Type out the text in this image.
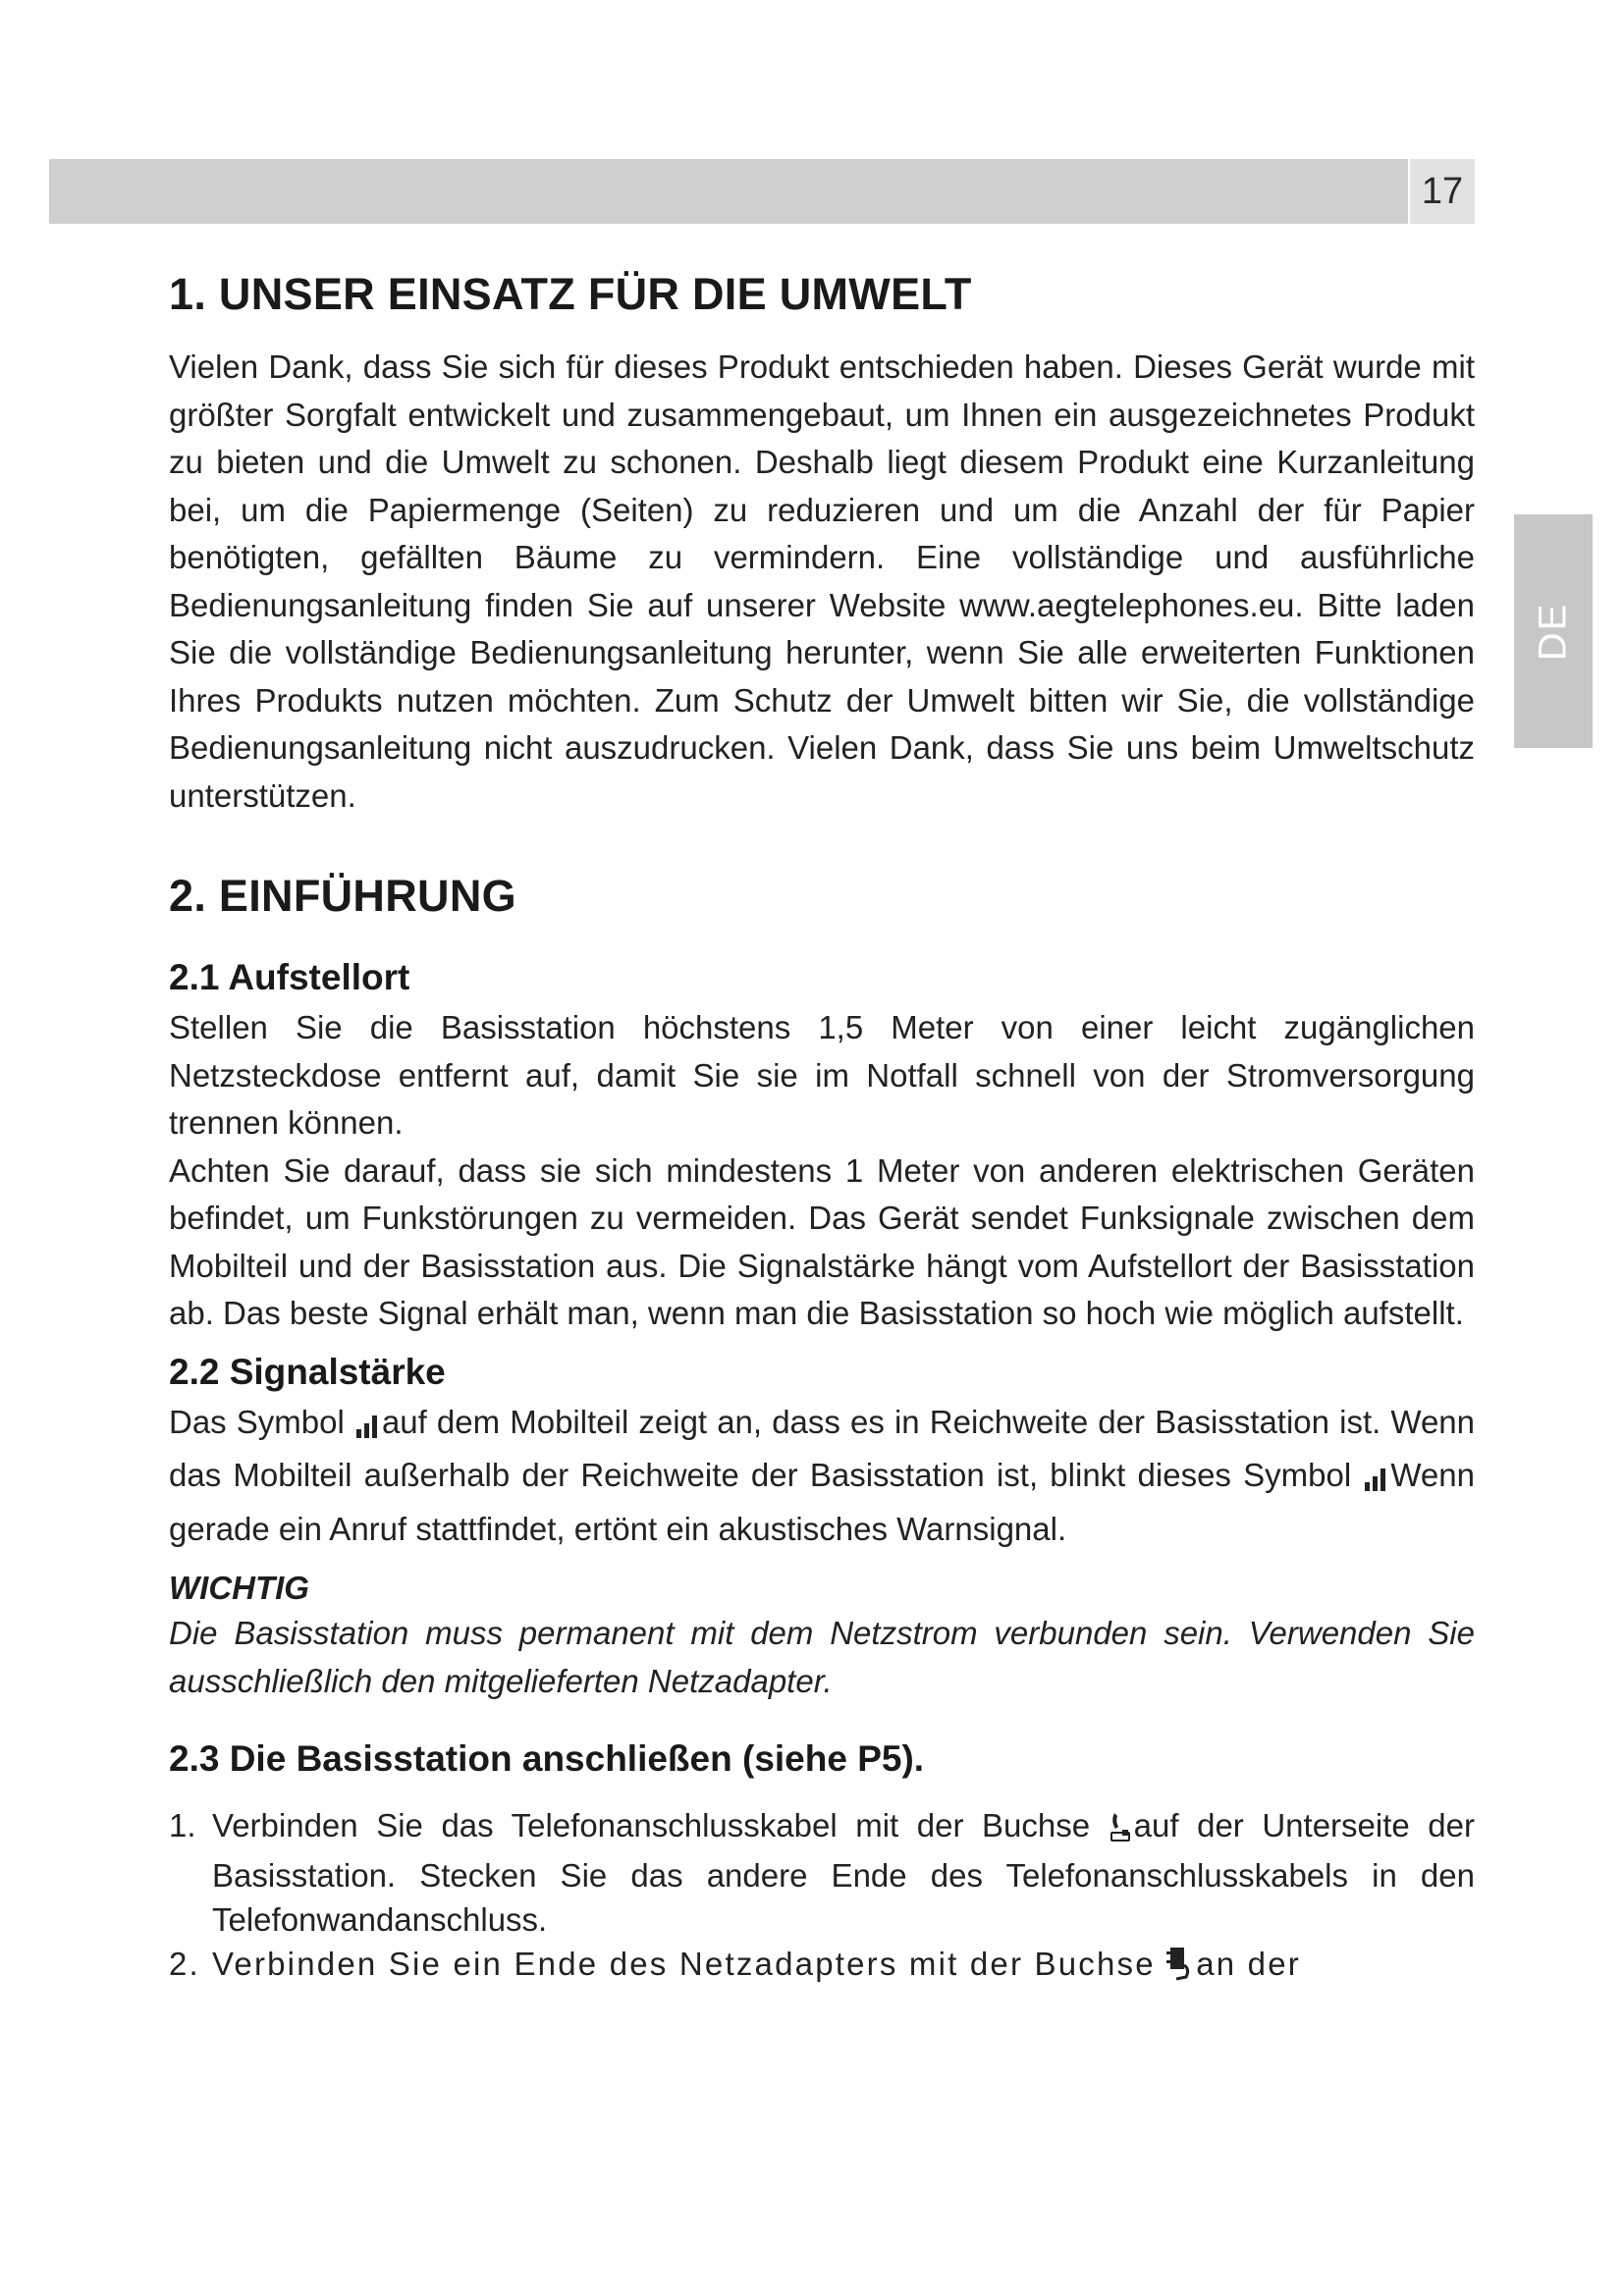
17
DE
1. UNSER EINSATZ FÜR DIE UMWELT

Vielen Dank, dass Sie sich für dieses Produkt entschieden haben. Dieses Gerät wurde mit größter Sorgfalt entwickelt und zusammengebaut, um Ihnen ein ausgezeichnetes Produkt zu bieten und die Umwelt zu schonen. Deshalb liegt diesem Produkt eine Kurzanleitung bei, um die Papiermenge (Seiten) zu reduzieren und um die Anzahl der für Papier benötigten, gefällten Bäume zu vermindern. Eine vollständige und ausführliche Bedienungsanleitung finden Sie auf unserer Website www.aegtelephones.eu. Bitte laden Sie die vollständige Bedienungsanleitung herunter, wenn Sie alle erweiterten Funktionen Ihres Produkts nutzen möchten. Zum Schutz der Umwelt bitten wir Sie, die vollständige Bedienungsanleitung nicht auszudrucken. Vielen Dank, dass Sie uns beim Umweltschutz unterstützen.

2. EINFÜHRUNG
2.1 Aufstellort

Stellen Sie die Basisstation höchstens 1,5 Meter von einer leicht zugänglichen Netzsteckdose entfernt auf, damit Sie sie im Notfall schnell von der Stromversorgung trennen können.

Achten Sie darauf, dass sie sich mindestens 1 Meter von anderen elektrischen Geräten befindet, um Funkstörungen zu vermeiden. Das Gerät sendet Funksignale zwischen dem Mobilteil und der Basisstation aus. Die Signalstärke hängt vom Aufstellort der Basisstation ab. Das beste Signal erhält man, wenn man die Basisstation so hoch wie möglich aufstellt.

2.2 Signalstärke

Das Symbol auf dem Mobilteil zeigt an, dass es in Reichweite der Basisstation ist. Wenn das Mobilteil außerhalb der Reichweite der Basisstation ist, blinkt dieses Symbol Wenn gerade ein Anruf stattfindet, ertönt ein akustisches Warnsignal.

WICHTIG

Die Basisstation muss permanent mit dem Netzstrom verbunden sein. Verwenden Sie ausschließlich den mitgelieferten Netzadapter.

2.3 Die Basisstation anschließen (siehe P5).
1. Verbinden Sie das Telefonanschlusskabel mit der Buchse auf der Unterseite der Basisstation. Stecken Sie das andere Ende des Telefonanschlusskabels in den Telefonwandanschluss.
2. Verbinden Sie ein Ende des Netzadapters mit der Buchse an der
